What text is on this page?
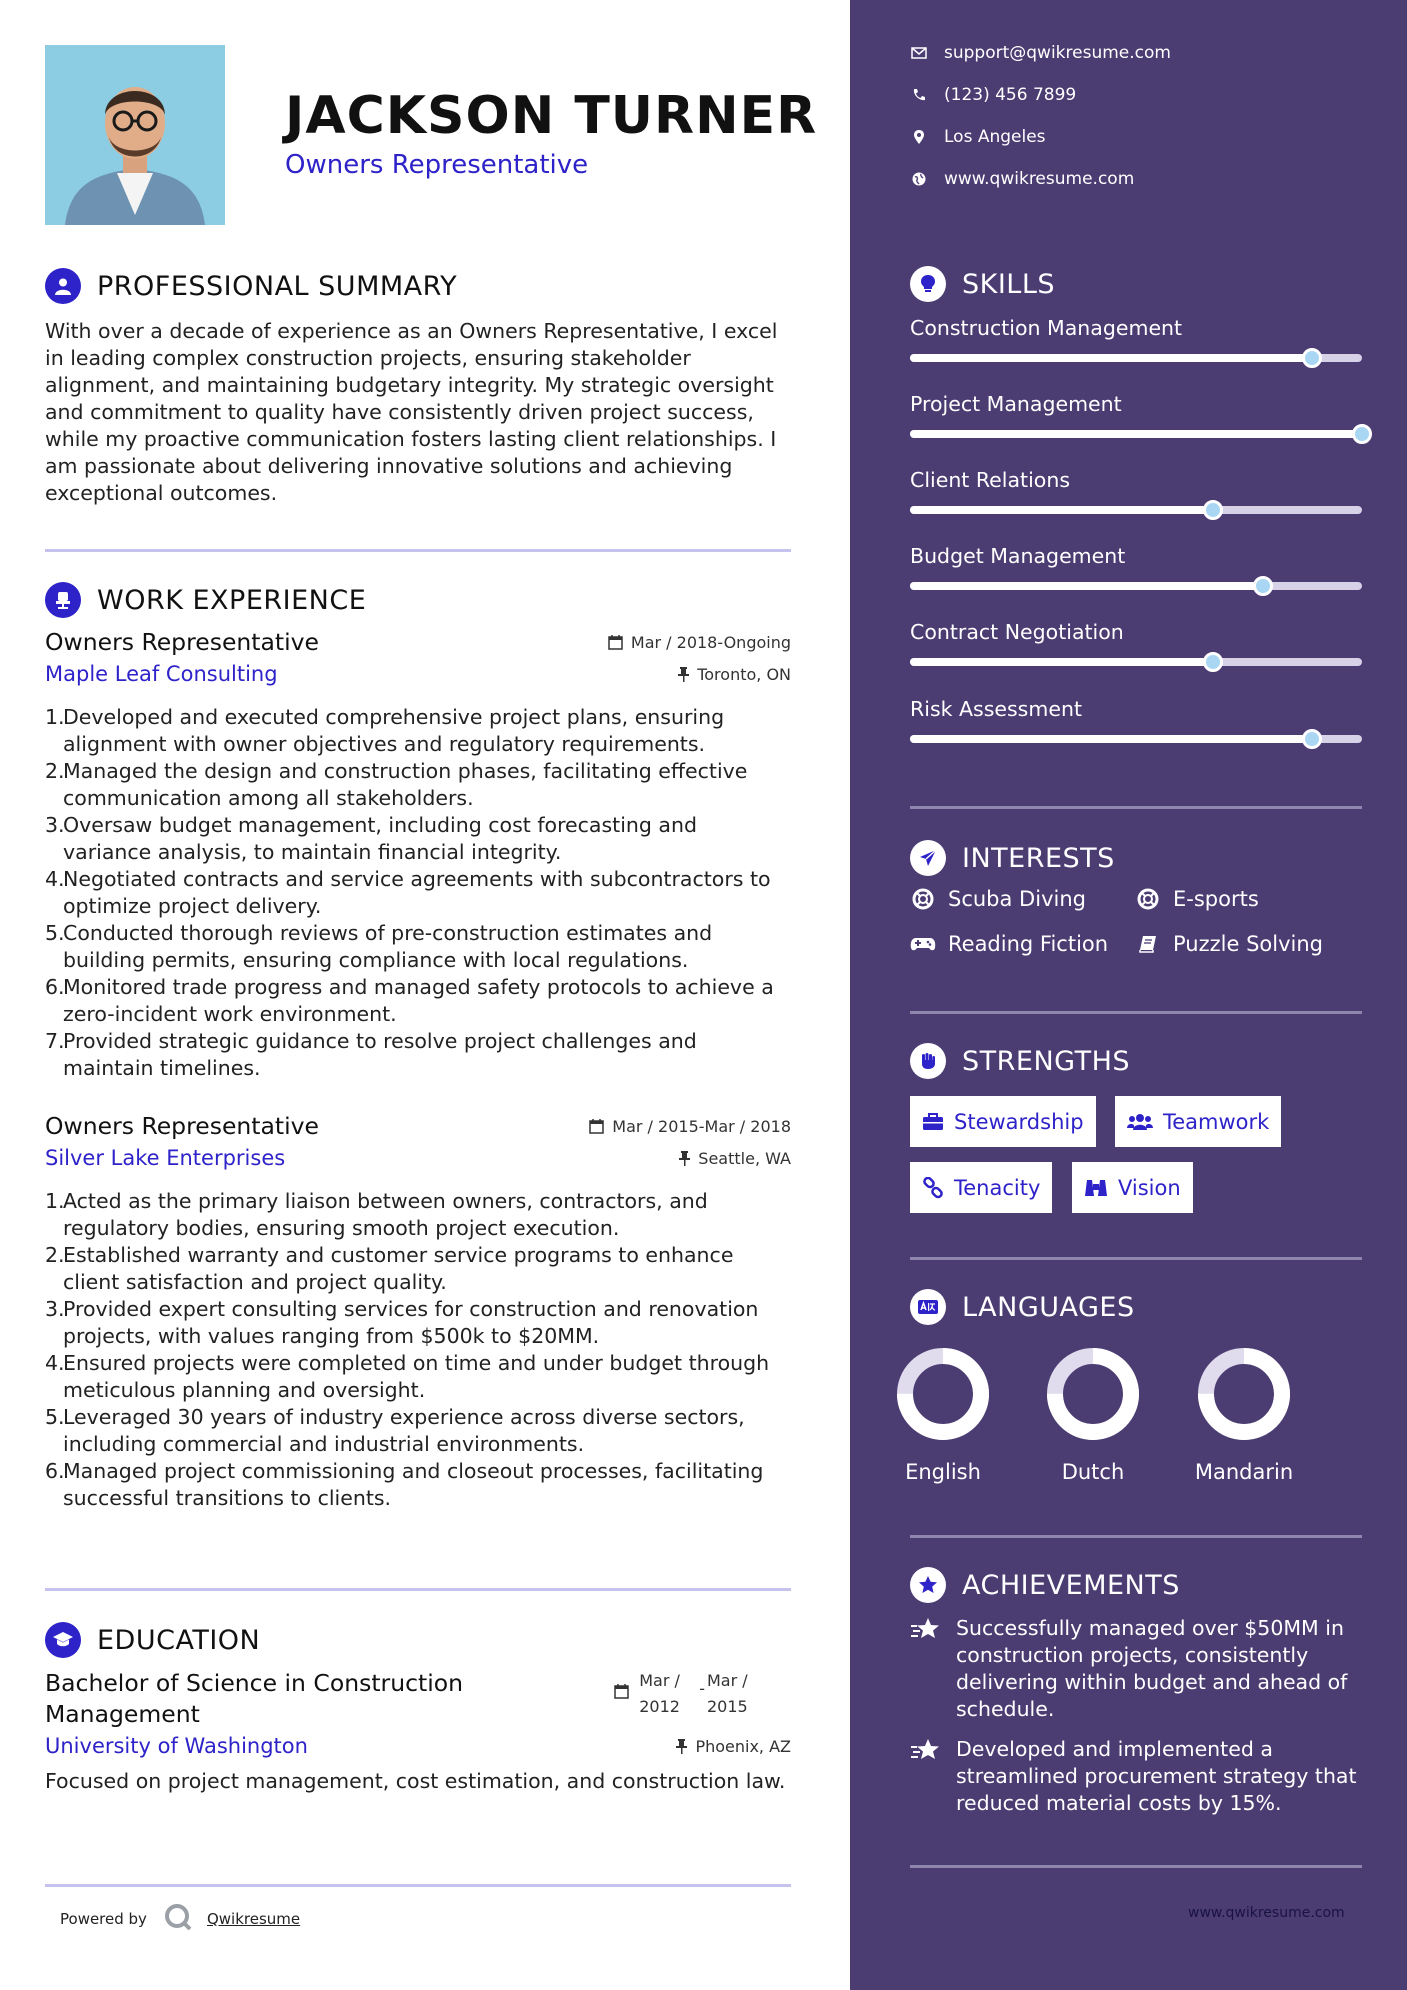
JACKSON TURNER
Owners Representative
PROFESSIONAL SUMMARY
With over a decade of experience as an Owners Representative, I excel in leading complex construction projects, ensuring stakeholder alignment, and maintaining budgetary integrity. My strategic oversight and commitment to quality have consistently driven project success, while my proactive communication fosters lasting client relationships. I am passionate about delivering innovative solutions and achieving exceptional outcomes.
WORK EXPERIENCE
Owners Representative	Mar / 2018-Ongoing
Maple Leaf Consulting	Toronto, ON
1.
Developed and executed comprehensive project plans, ensuring alignment with owner objectives and regulatory requirements.
2.
Managed the design and construction phases, facilitating effective communication among all stakeholders.
3.
Oversaw budget management, including cost forecasting and variance analysis, to maintain financial integrity.
4.
Negotiated contracts and service agreements with subcontractors to optimize project delivery.
5.
Conducted thorough reviews of pre-construction estimates and building permits, ensuring compliance with local regulations.
6.
Monitored trade progress and managed safety protocols to achieve a zero-incident work environment.
7.
Provided strategic guidance to resolve project challenges and maintain timelines.
Owners Representative	Mar / 2015-Mar / 2018
Silver Lake Enterprises	Seattle, WA
1.
Acted as the primary liaison between owners, contractors, and regulatory bodies, ensuring smooth project execution.
2.
Established warranty and customer service programs to enhance client satisfaction and project quality.
3.
Provided expert consulting services for construction and renovation projects, with values ranging from $500k to $20MM.
4.
Ensured projects were completed on time and under budget through meticulous planning and oversight.
5.
Leveraged 30 years of industry experience across diverse sectors, including commercial and industrial environments.
6.
Managed project commissioning and closeout processes, facilitating successful transitions to clients.
EDUCATION
Bachelor of Science in Construction
Management
Mar /
2012
- Mar /
2015
University of Washington	Phoenix, AZ
Focused on project management, cost estimation, and construction law.
Powered by	Qwikresume
support@qwikresume.com
(123) 456 7899
Los Angeles
www.qwikresume.com
SKILLS
Construction Management
Project Management
Client Relations
Budget Management
Contract Negotiation
Risk Assessment
INTERESTS
Scuba Diving	E-sports
Reading Fiction	Puzzle Solving
STRENGTHS
Stewardship	Teamwork
Tenacity	Vision
LANGUAGES
English	Dutch	Mandarin
ACHIEVEMENTS
Successfully managed over $50MM in construction projects, consistently delivering within budget and ahead of schedule.
Developed and implemented a streamlined procurement strategy that reduced material costs by 15%.
www.qwikresume.com
